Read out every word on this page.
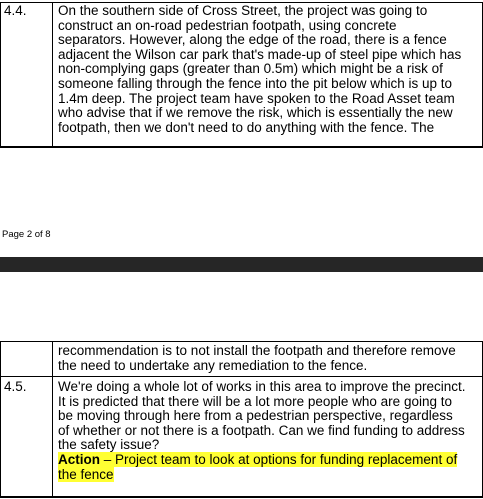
4.4. On the southern side of Cross Street, the project was going to
construct an on-road pedestrian footpath, using concrete
separators. However, along the edge of the road, there is a fence
adjacent the Wilson car park that's made-up of steel pipe which has
non-complying gaps (greater than 0.5m) which might be a risk of
someone falling through the fence into the pit below which is up to
1.4m deep. The project team have spoken to the Road Asset team
who advise that if we remove the risk, which is essentially the new
footpath, then we don't need to do anything with the fence. The
Page 2 of 8
recommendation is to not install the footpath and therefore remove
the need to undertake any remediation to the fence.
4.5. We're doing a whole lot of works in this area to improve the precinct.
It is predicted that there will be a lot more people who are going to
be moving through here from a pedestrian perspective, regardless
of whether or not there is a footpath. Can we find funding to address
the safety issue?
Action – Project team to look at options for funding replacement of
the fence
